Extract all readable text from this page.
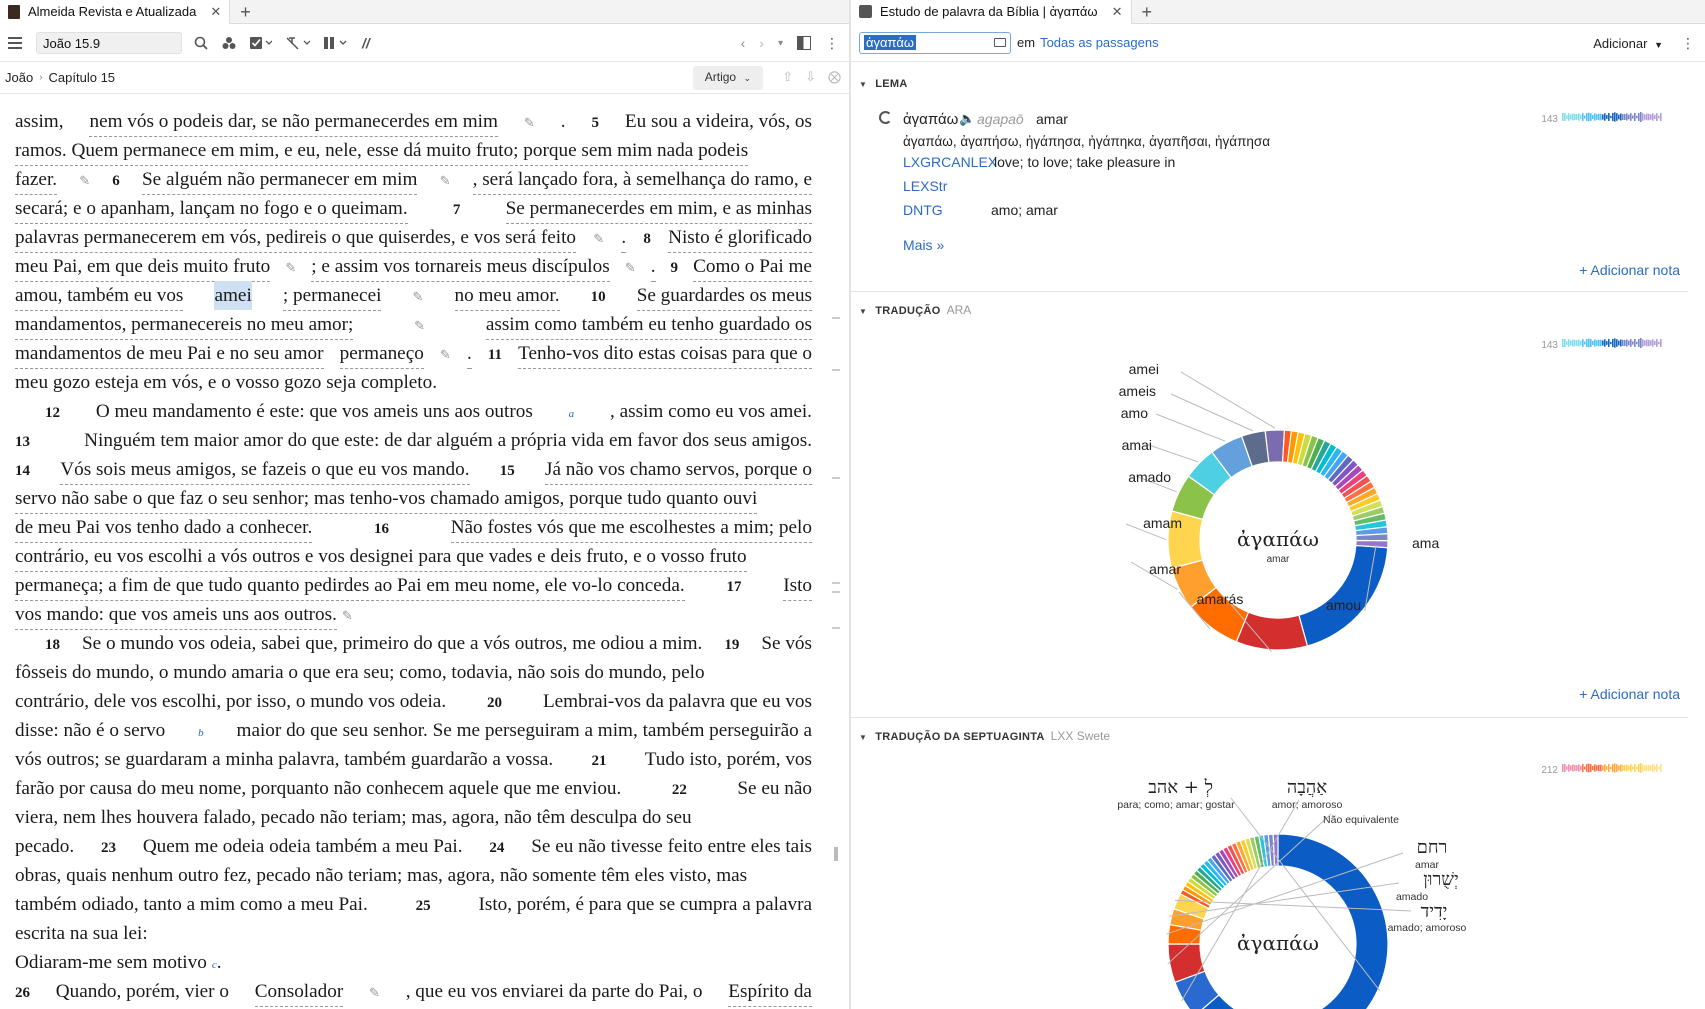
Almeida Revista e Atualizada ✕ +
João 15.9	//	‹ › ▾	⋮
João › Capítulo 15	Artigo ⌄	⇧ ⇩ ⨂
assim, nem vós o podeis dar, se não permanecerdes em mim ✎ . 5 Eu sou a videira, vós, os
ramos. Quem permanece em mim, e eu, nele, esse dá muito fruto; porque sem mim nada podeis
fazer. ✎ 6 Se alguém não permanecer em mim ✎ , será lançado fora, à semelhança do ramo, e
secará; e o apanham, lançam no fogo e o queimam.	7 Se permanecerdes em mim, e as minhas
palavras permanecerem em vós, pedireis o que quiserdes, e vos será feito ✎ . 8 Nisto é glorificado
meu Pai, em que deis muito fruto ✎ ; e assim vos tornareis meus discípulos ✎ . 9 Como o Pai me
amou, também eu vos amei ; permanecei ✎ no meu amor. 10 Se guardardes os meus
mandamentos, permanecereis no meu amor;	✎	assim como também eu tenho guardado os
mandamentos de meu Pai e no seu amor permaneço ✎ . 11 Tenho-vos dito estas coisas para que o
meu gozo esteja em vós, e o vosso gozo seja completo.
12 O meu mandamento é este: que vos ameis uns aos outros	a , assim como eu vos amei.
13	Ninguém tem maior amor do que este: de dar alguém a própria vida em favor dos seus amigos.
14 Vós sois meus amigos, se fazeis o que eu vos mando. 15 Já não vos chamo servos, porque o
servo não sabe o que faz o seu senhor; mas tenho-vos chamado amigos, porque tudo quanto ouvi
de meu Pai vos tenho dado a conhecer.	16	Não fostes vós que me escolhestes a mim; pelo
contrário, eu vos escolhi a vós outros e vos designei para que vades e deis fruto, e o vosso fruto
permaneça; a fim de que tudo quanto pedirdes ao Pai em meu nome, ele vo-lo conceda.	17 Isto
vos mando: que vos ameis uns aos outros. ✎
18 Se o mundo vos odeia, sabei que, primeiro do que a vós outros, me odiou a mim. 19 Se vós
fôsseis do mundo, o mundo amaria o que era seu; como, todavia, não sois do mundo, pelo
contrário, dele vos escolhi, por isso, o mundo vos odeia.	20 Lembrai-vos da palavra que eu vos
disse: não é o servo	b maior do que seu senhor. Se me perseguiram a mim, também perseguirão a
vós outros; se guardaram a minha palavra, também guardarão a vossa.	21 Tudo isto, porém, vos
farão por causa do meu nome, porquanto não conhecem aquele que me enviou.	22	Se eu não
viera, nem lhes houvera falado, pecado não teriam; mas, agora, não têm desculpa do seu
pecado. 23 Quem me odeia odeia também a meu Pai. 24 Se eu não tivesse feito entre eles tais
obras, quais nenhum outro fez, pecado não teriam; mas, agora, não somente têm eles visto, mas
também odiado, tanto a mim como a meu Pai.	25 Isto, porém, é para que se cumpra a palavra
escrita na sua lei:
Odiaram-me sem motivo c .
26 Quando, porém, vier o Consolador ✎ , que eu vos enviarei da parte do Pai, o Espírito da
Estudo de palavra da Bíblia | ἀγαπάω ✕ +
ἀγαπάω	em Todas as passagens	Adicionar ▼ ⋮
▼ LEMA
ἀγαπάω 🔈 agapaō amar
ἀγαπάω, ἀγαπήσω, ἠγάπησα, ἠγάπηκα, ἀγαπῆσαι, ἠγάπησα
LXGRCANLEX
love; to love; take pleasure in
LEXStr
DNTG	amo; amar
Mais »
143
+ Adicionar nota
▼ TRADUÇÃO ARA
143
ἀγαπάω
amar
ama
amou
amarás
amar
amam
amado
amai
amo
ameis
amei
+ Adicionar nota
▼ TRADUÇÃO DA SEPTUAGINTA LXX Swete
212
ἀγαπάω
לְ + אהב
para; como; amar; gostar
אַהֲבָה
amor; amoroso
Não equivalente
רחם
amar
יְשֻׁרוּן
amado
יָדִיד
amado; amoroso
